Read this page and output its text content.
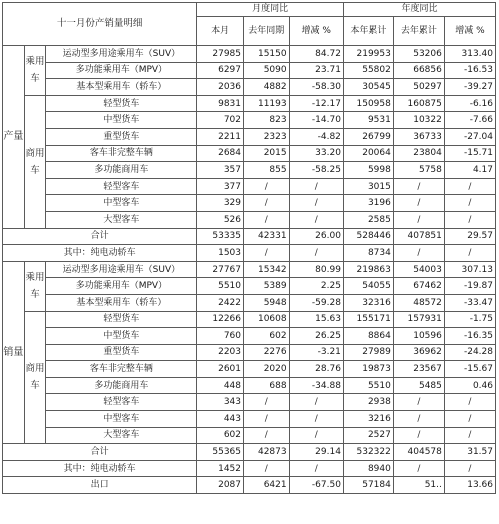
十一月份产销量明细			月度同比			年度同比		
			本月	去年同期	增减 %	本年累计	去年累计	增减 %
产量	乘用车	运动型多用途乘用车（SUV）	27985	15150	84.72	219953	53206	313.40
		多功能乘用车（MPV）	6297	5090	23.71	55802	66856	-16.53
		基本型乘用车（轿车）	2036	4882	-58.30	30545	50297	-39.27
	商用车	轻型货车	9831	11193	-12.17	150958	160875	-6.16
		中型货车	702	823	-14.70	9531	10322	-7.66
		重型货车	2211	2323	-4.82	26799	36733	-27.04
		客车非完整车辆	2684	2015	33.20	20064	23804	-15.71
		多功能商用车	357	855	-58.25	5998	5758	4.17
		轻型客车	377	/	/	3015	/	/
		中型客车	329	/	/	3196	/	/
		大型客车	526	/	/	2585	/	/
合计			53335	42331	26.00	528446	407851	29.57
其中：纯电动轿车			1503	/	/	8734	/	/
销量	乘用车	运动型多用途乘用车（SUV）	27767	15342	80.99	219863	54003	307.13
		多功能乘用车（MPV）	5510	5389	2.25	54055	67462	-19.87
		基本型乘用车（轿车）	2422	5948	-59.28	32316	48572	-33.47
	商用车	轻型货车	12266	10608	15.63	155171	157931	-1.75
		中型货车	760	602	26.25	8864	10596	-16.35
		重型货车	2203	2276	-3.21	27989	36962	-24.28
		客车非完整车辆	2601	2020	28.76	19873	23567	-15.67
		多功能商用车	448	688	-34.88	5510	5485	0.46
		轻型客车	343	/	/	2938	/	/
		中型客车	443	/	/	3216	/	/
		大型客车	602	/	/	2527	/	/
合计			55365	42873	29.14	532322	404578	31.57
其中：纯电动轿车			1452	/	/	8940	/	/
出口			2087	6421	-67.50	57184	51..	13.66
